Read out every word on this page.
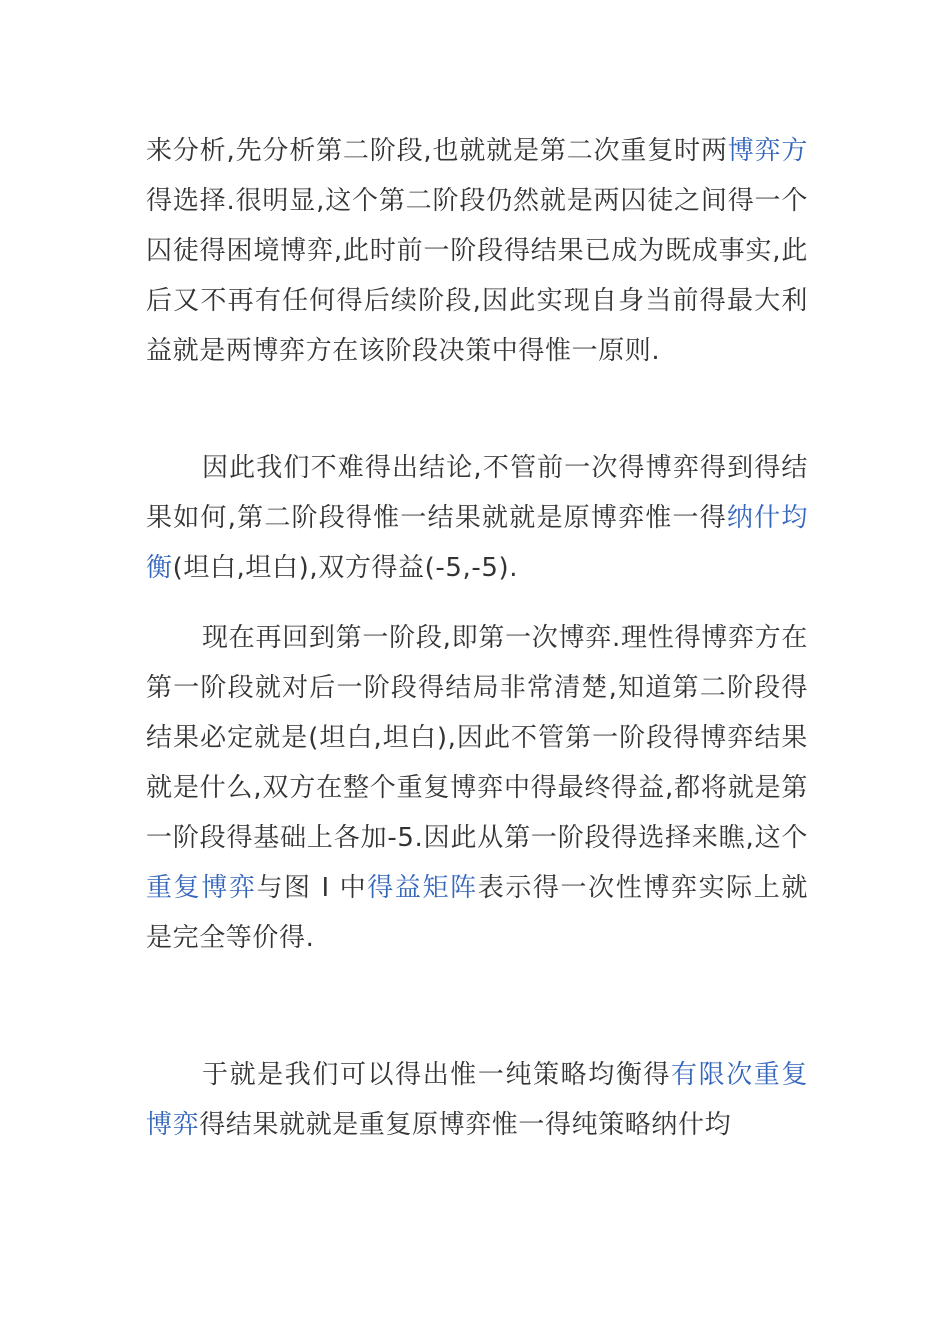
来分析,先分析第二阶段,也就就是第二次重复时两博弈方得选择.很明显,这个第二阶段仍然就是两囚徒之间得一个囚徒得困境博弈,此时前一阶段得结果已成为既成事实,此后又不再有任何得后续阶段,因此实现自身当前得最大利益就是两博弈方在该阶段决策中得惟一原则.

因此我们不难得出结论,不管前一次得博弈得到得结果如何,第二阶段得惟一结果就就是原博弈惟一得纳什均衡(坦白,坦白),双方得益(-5,-5).

现在再回到第一阶段,即第一次博弈.理性得博弈方在第一阶段就对后一阶段得结局非常清楚,知道第二阶段得结果必定就是(坦白,坦白),因此不管第一阶段得博弈结果就是什么,双方在整个重复博弈中得最终得益,都将就是第一阶段得基础上各加-5.因此从第一阶段得选择来瞧,这个重复博弈与图 I 中得益矩阵表示得一次性博弈实际上就是完全等价得.

于就是我们可以得出惟一纯策略均衡得有限次重复博弈得结果就就是重复原博弈惟一得纯策略纳什均
